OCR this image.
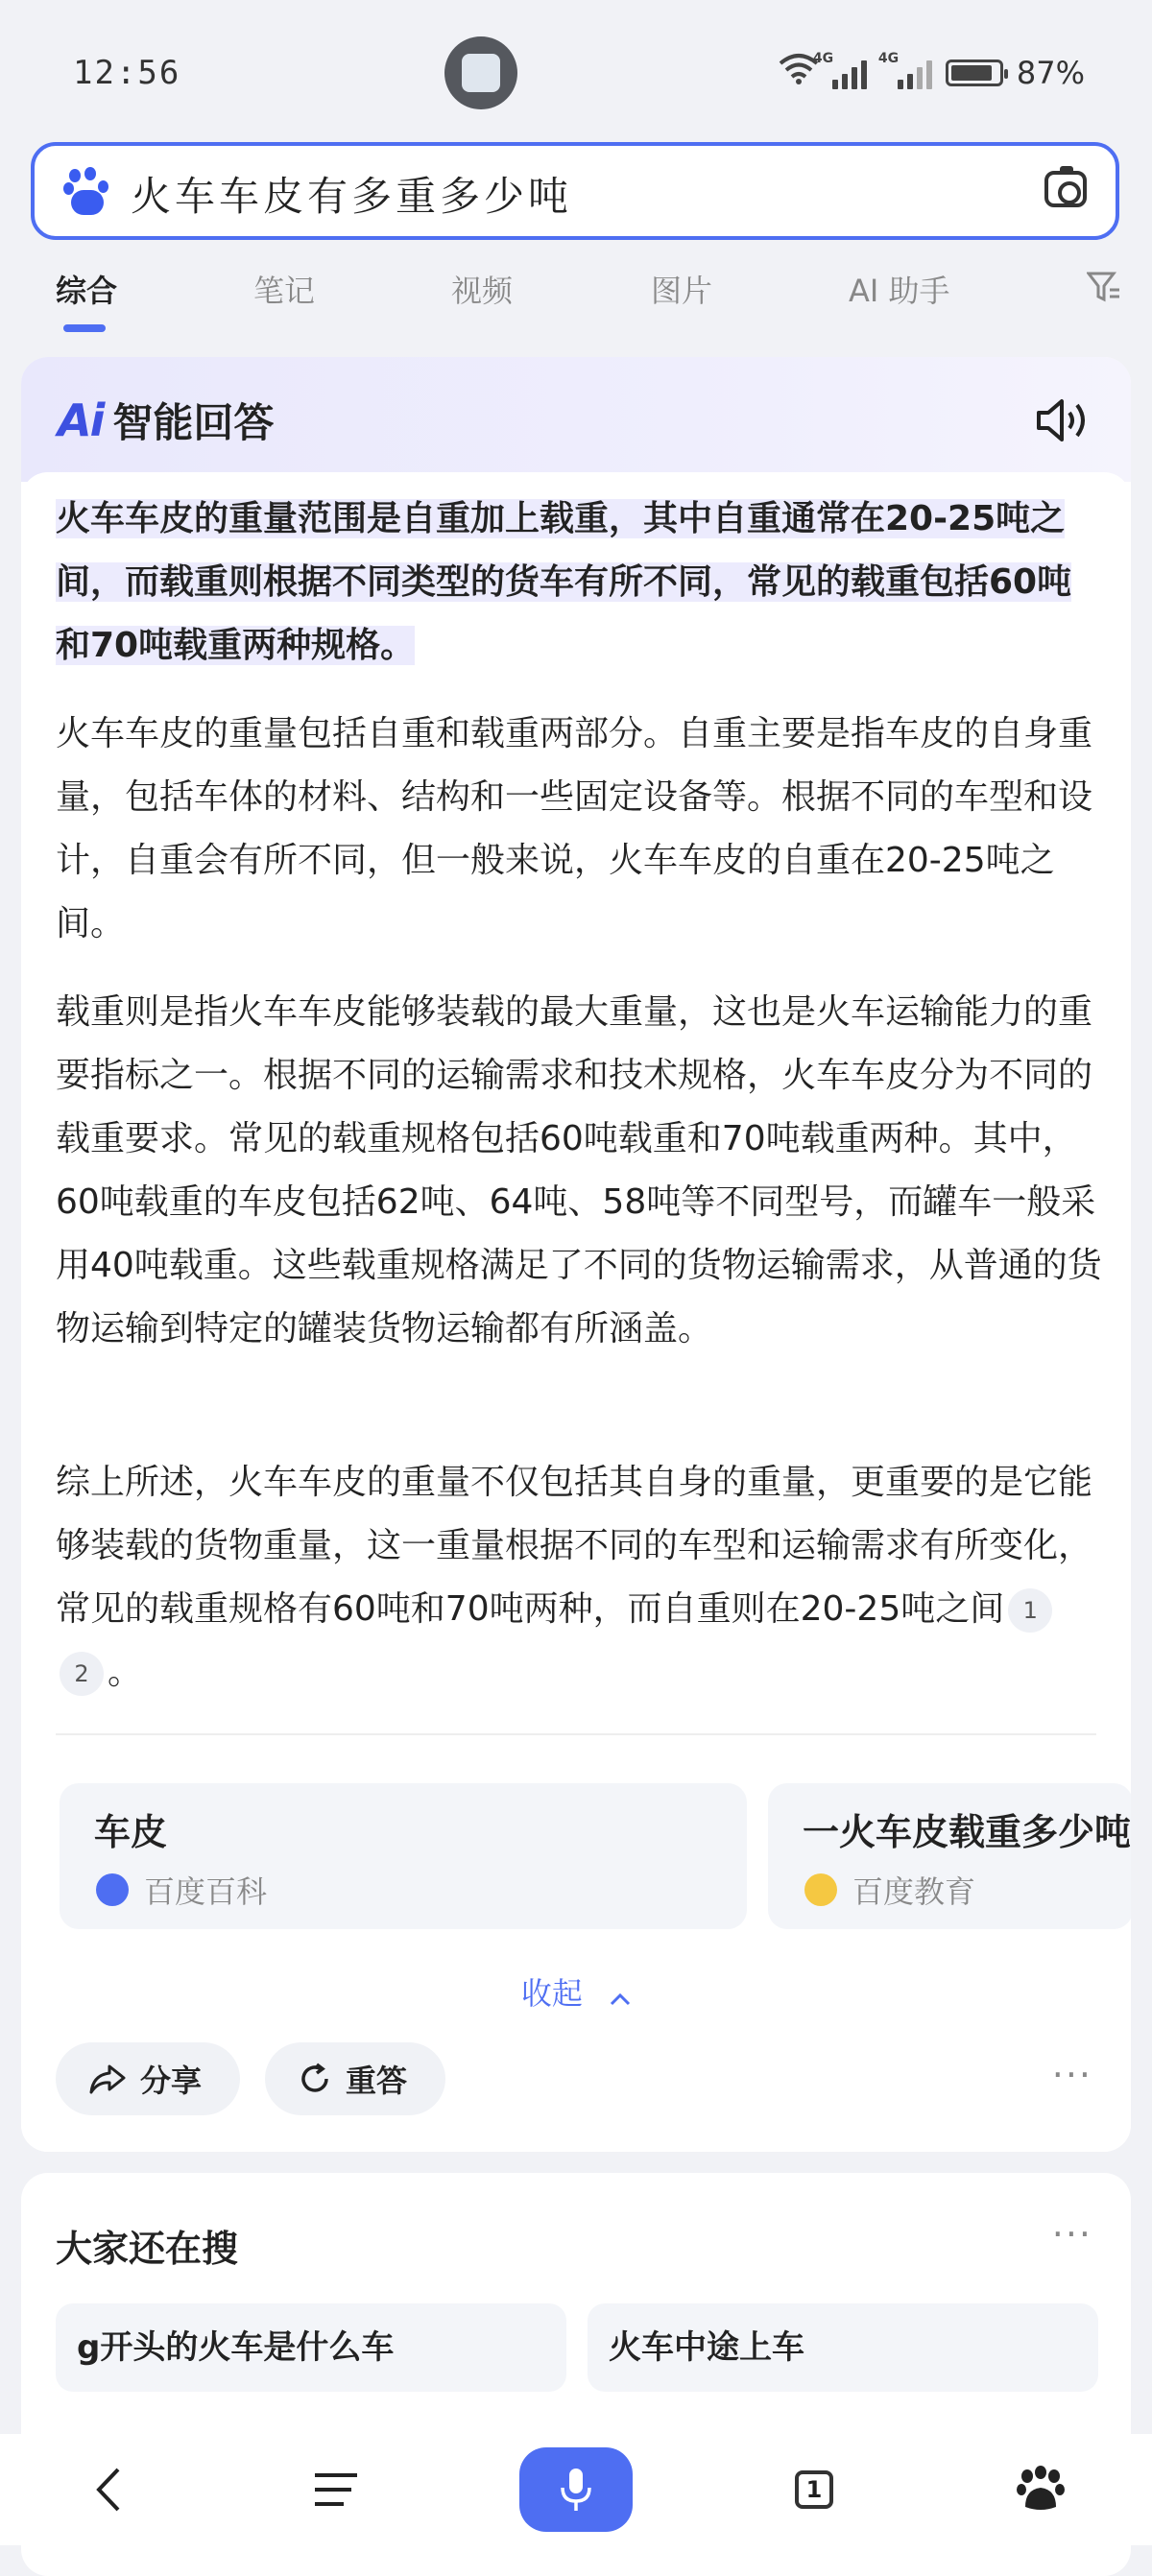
12:56	4G	4G	87%
火车车皮有多重多少吨
综合	笔记	视频	图片	AI 助手
Ai 智能回答
火车车皮的重量范围是自重加上载重，其中自重通常在20-25吨之间，而载重则根据不同类型的货车有所不同，常见的载重包括60吨和70吨载重两种规格。
火车车皮的重量包括自重和载重两部分。自重主要是指车皮的自身重量，包括车体的材料、结构和一些固定设备等。根据不同的车型和设计，自重会有所不同，但一般来说，火车车皮的自重在20-25吨之间。
载重则是指火车车皮能够装载的最大重量，这也是火车运输能力的重要指标之一。根据不同的运输需求和技术规格，火车车皮分为不同的载重要求。常见的载重规格包括60吨载重和70吨载重两种。其中，60吨载重的车皮包括62吨、64吨、58吨等不同型号，而罐车一般采用40吨载重。这些载重规格满足了不同的货物运输需求，从普通的货物运输到特定的罐装货物运输都有所涵盖。
综上所述，火车车皮的重量不仅包括其自身的重量，更重要的是它能够装载的货物重量，这一重量根据不同的车型和运输需求有所变化，常见的载重规格有60吨和70吨两种，而自重则在20-25吨之间 12 。
车皮
百度百科
一火车皮载重多少吨
百度教育
收起
分享	重答	···
大家还在搜	···
g开头的火车是什么车	火车中途上车
1
